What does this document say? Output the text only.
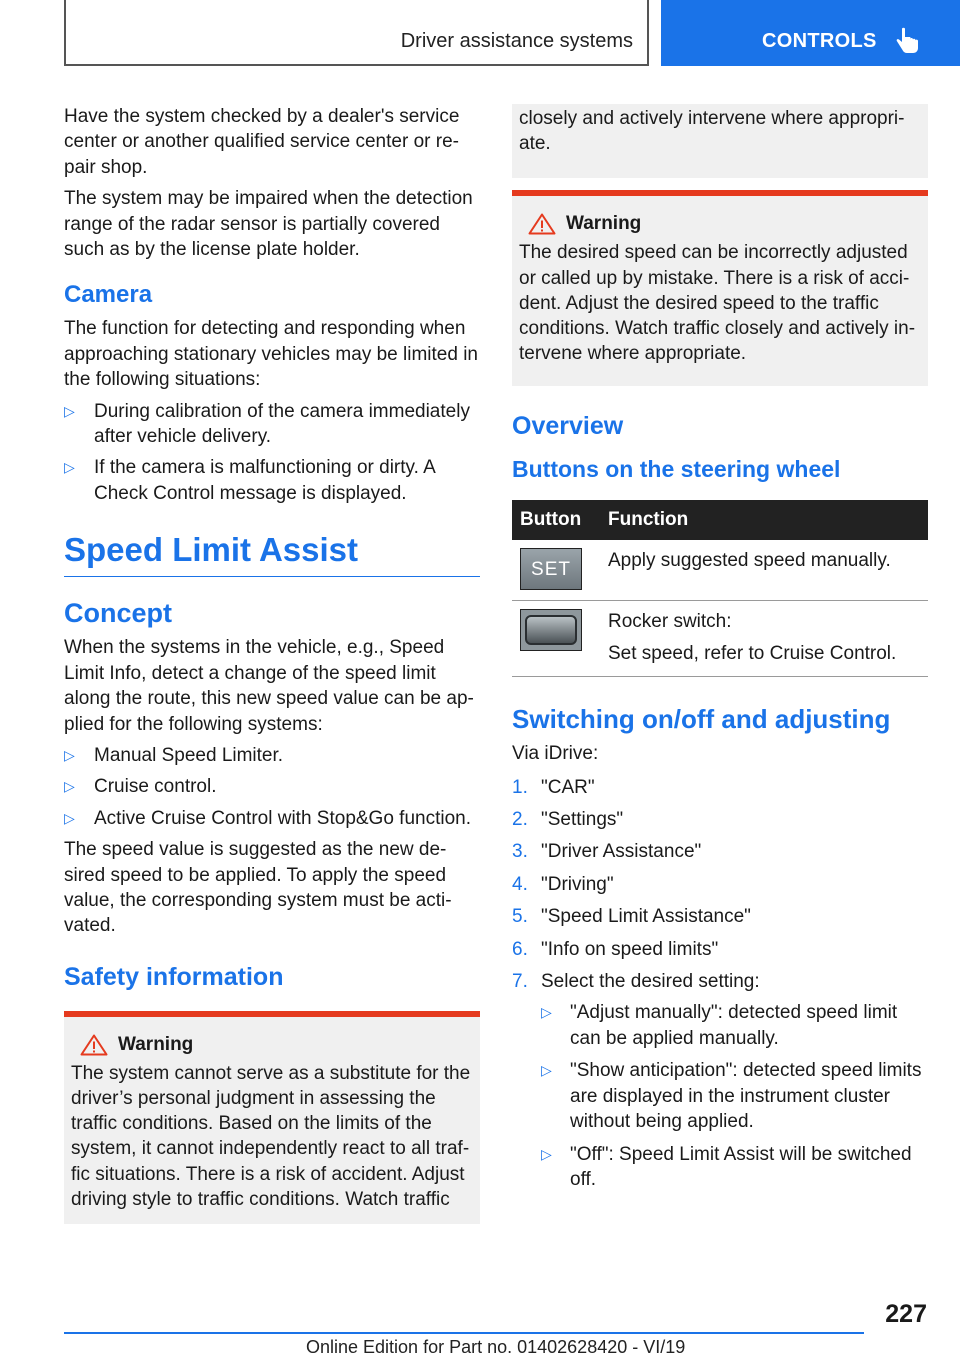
Driver assistance systems	CONTROLS

Have the system checked by a dealer's service center or another qualified service center or repair shop.

The system may be impaired when the detection range of the radar sensor is partially covered such as by the license plate holder.

Camera

The function for detecting and responding when approaching stationary vehicles may be limited in the following situations:

▷ During calibration of the camera immediately after vehicle delivery.
▷ If the camera is malfunctioning or dirty. A Check Control message is displayed.
Speed Limit Assist
Concept

When the systems in the vehicle, e.g., Speed Limit Info, detect a change of the speed limit along the route, this new speed value can be applied for the following systems:

▷ Manual Speed Limiter.
▷ Cruise control.
▷ Active Cruise Control with Stop&Go function.

The speed value is suggested as the new desired speed to be applied. To apply the speed value, the corresponding system must be activated.

Safety information
Warning
The system cannot serve as a substitute for the driver’s personal judgment in assessing the traffic conditions. Based on the limits of the system, it cannot independently react to all traffic situations. There is a risk of accident. Adjust driving style to traffic conditions. Watch traffic
closely and actively intervene where appropriate.
Warning
The desired speed can be incorrectly adjusted or called up by mistake. There is a risk of accident. Adjust the desired speed to the traffic conditions. Watch traffic closely and actively intervene where appropriate.
Overview
Buttons on the steering wheel
Button	Function

SET	Apply suggested speed manually.

	Rocker switch:
Set speed, refer to Cruise Control.
Switching on/off and adjusting

Via iDrive:

1. "CAR"
2. "Settings"
3. "Driver Assistance"
4. "Driving"
5. "Speed Limit Assistance"
6. "Info on speed limits"
7. Select the desired setting:
▷ "Adjust manually": detected speed limit can be applied manually.
▷ "Show anticipation": detected speed limits are displayed in the instrument cluster without being applied.
▷ "Off": Speed Limit Assist will be switched off.
227
Online Edition for Part no. 01402628420 - VI/19
